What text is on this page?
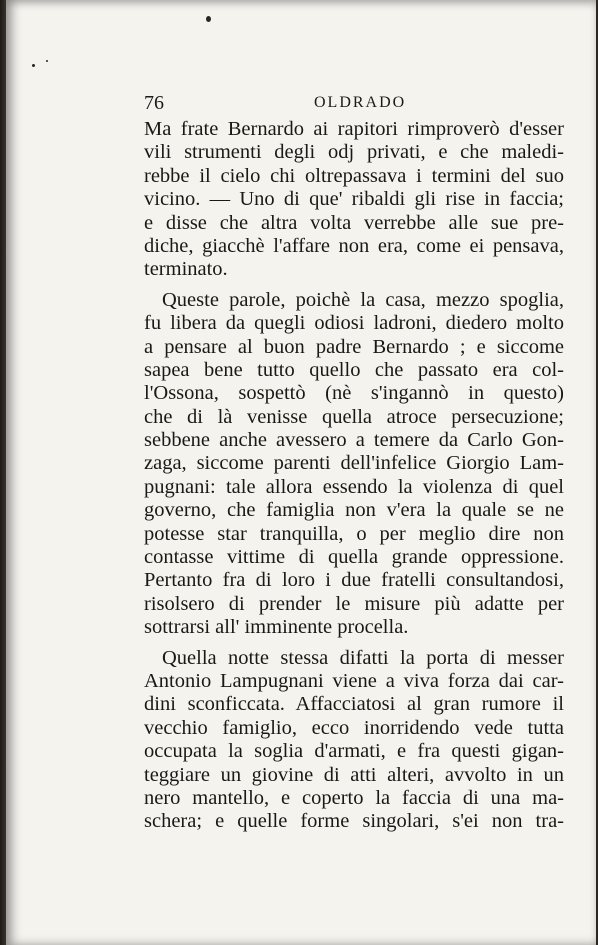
76	OLDRADO
Ma frate Bernardo ai rapitori rimproverò d'esser
vili strumenti degli odj privati, e che maledi-
rebbe il cielo chi oltrepassava i termini del suo
vicino. — Uno di que' ribaldi gli rise in faccia;
e disse che altra volta verrebbe alle sue pre-
diche, giacchè l'affare non era, come ei pensava,
terminato.
Queste parole, poichè la casa, mezzo spoglia,
fu libera da quegli odiosi ladroni, diedero molto
a pensare al buon padre Bernardo ; e siccome
sapea bene tutto quello che passato era col-
l'Ossona, sospettò (nè s'ingannò in questo)
che di là venisse quella atroce persecuzione;
sebbene anche avessero a temere da Carlo Gon-
zaga, siccome parenti dell'infelice Giorgio Lam-
pugnani: tale allora essendo la violenza di quel
governo, che famiglia non v'era la quale se ne
potesse star tranquilla, o per meglio dire non
contasse vittime di quella grande oppressione.
Pertanto fra di loro i due fratelli consultandosi,
risolsero di prender le misure più adatte per
sottrarsi all' imminente procella.
Quella notte stessa difatti la porta di messer
Antonio Lampugnani viene a viva forza dai car-
dini sconficcata. Affacciatosi al gran rumore il
vecchio famiglio, ecco inorridendo vede tutta
occupata la soglia d'armati, e fra questi gigan-
teggiare un giovine di atti alteri, avvolto in un
nero mantello, e coperto la faccia di una ma-
schera; e quelle forme singolari, s'ei non tra-
